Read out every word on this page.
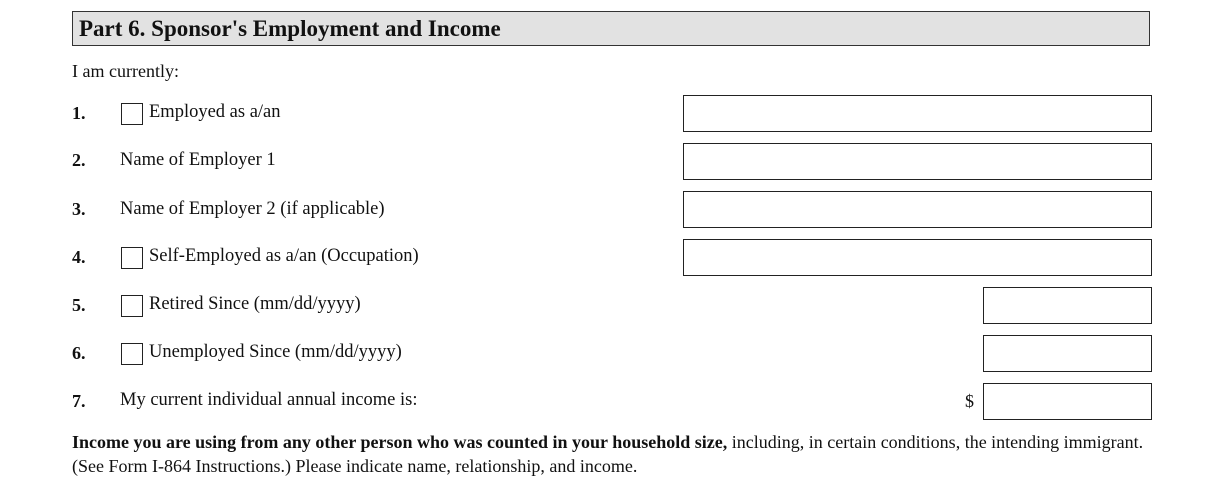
Part 6. Sponsor's Employment and Income
I am currently:
1.	Employed as a/an
2. Name of Employer 1
3. Name of Employer 2 (if applicable)
4.	Self-Employed as a/an (Occupation)
5.	Retired Since (mm/dd/yyyy)
6.	Unemployed Since (mm/dd/yyyy)
7. My current individual annual income is:	$
Income you are using from any other person who was counted in your household size, including, in certain conditions, the intending immigrant. (See Form I-864 Instructions.) Please indicate name, relationship, and income.
